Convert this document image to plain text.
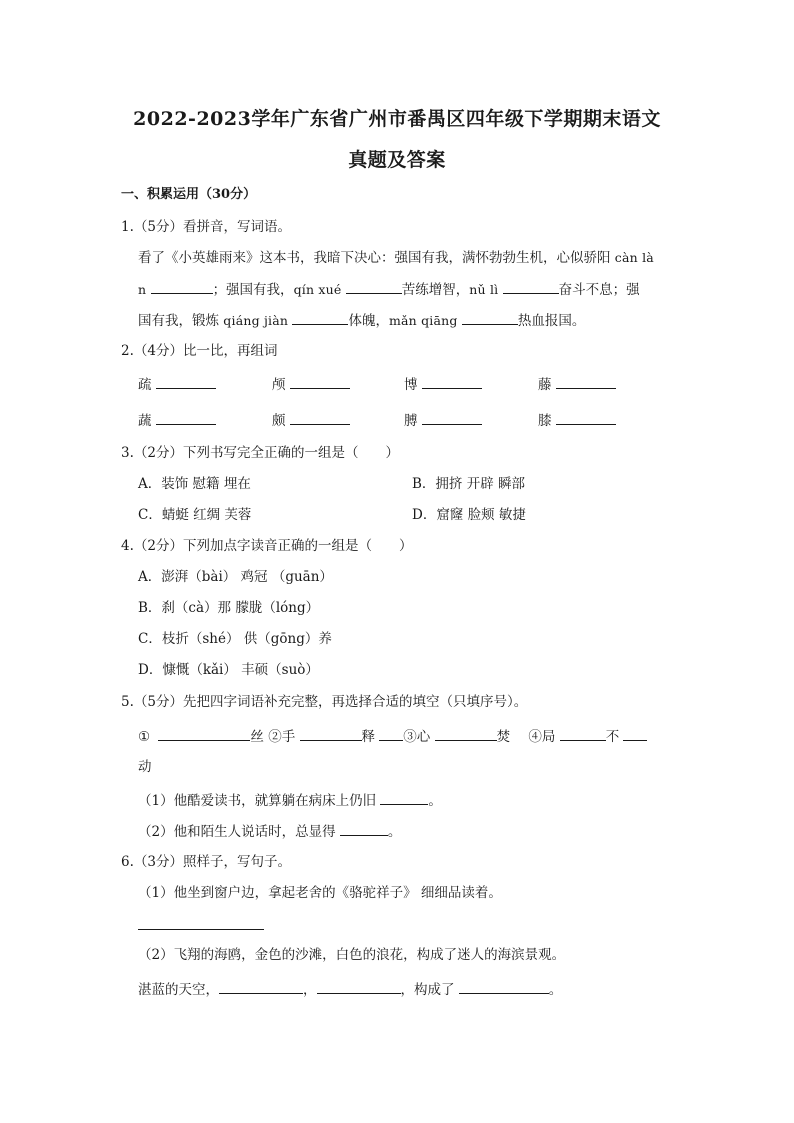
2022-2023学年广东省广州市番禺区四年级下学期期末语文
真题及答案
一、积累运用（30分）
1.（5分）看拼音，写词语。
看了《小英雄雨来》这本书，我暗下决心：强国有我，满怀勃勃生机，心似骄阳 càn là
n	；强国有我，qín xué	苦练增智，nǔ lì	奋斗不息；强
国有我，锻炼 qiáng jiàn	体魄，mǎn qiāng	热血报国。
2.（4分）比一比，再组词
疏	颅	博	藤
蔬	颇	膊	膝
3.（2分）下列书写完全正确的一组是（　　）
A．装饰 慰籍 埋在	B．拥挤 开辟 瞬部
C．蜻蜓 红绸 芙蓉	D．窟窿 脸颊 敏捷
4.（2分）下列加点字读音正确的一组是（　　）
A．澎湃（bài） 鸡冠 （guān）
B．刹（cà）那 朦胧（lóng）
C．枝折（shé） 供（gōng）养
D．慷慨（kǎi） 丰硕（suò）
5.（5分）先把四字词语补充完整，再选择合适的填空（只填序号）。
①	丝 ②手	释 ③心	焚 ④局	不
动
（1）他酷爱读书，就算躺在病床上仍旧	。
（2）他和陌生人说话时，总显得	。
6.（3分）照样子，写句子。
（1）他坐到窗户边，拿起老舍的《骆驼祥子》 细细品读着。
（2）飞翔的海鸥，金色的沙滩，白色的浪花，构成了迷人的海滨景观。
湛蓝的天空，	，	，构成了	。
